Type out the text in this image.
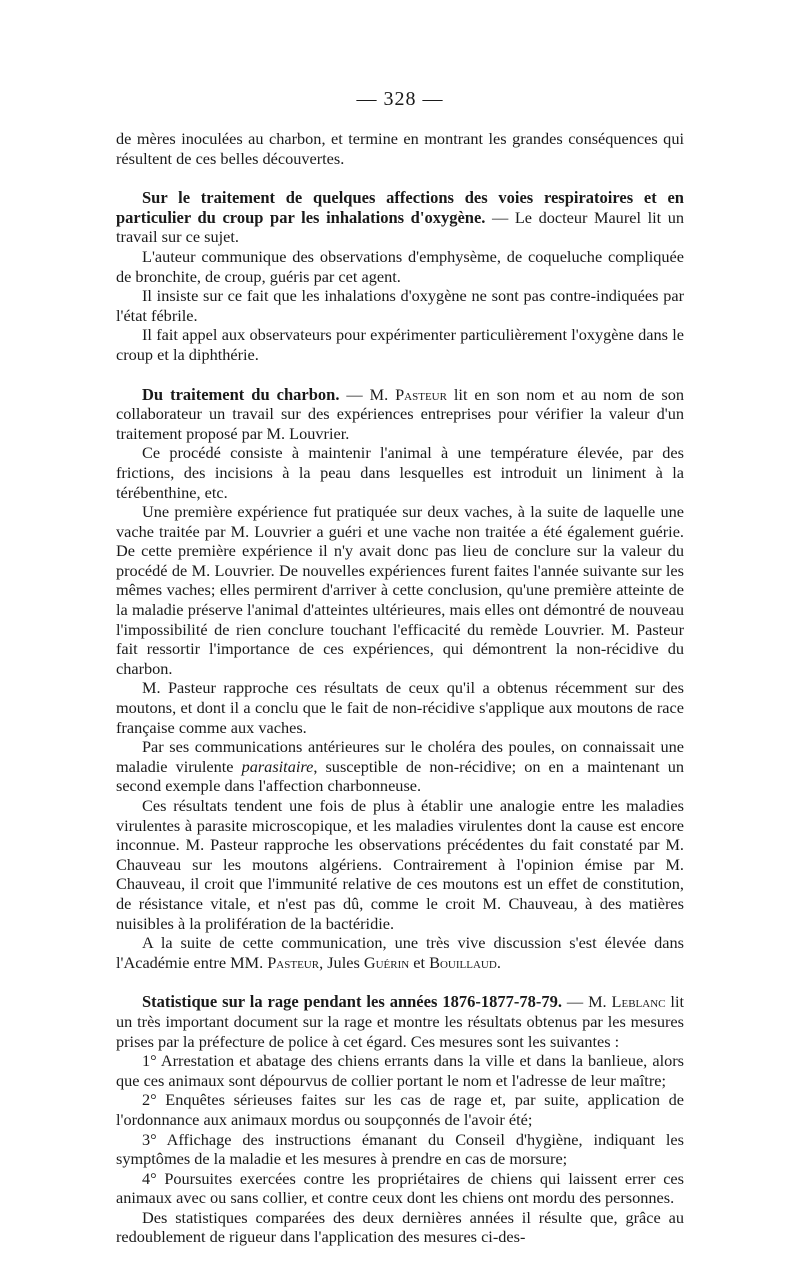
— 328 —

de mères inoculées au charbon, et termine en montrant les grandes conséquences qui résultent de ces belles découvertes.

Sur le traitement de quelques affections des voies respiratoires et en particulier du croup par les inhalations d'oxygène. — Le docteur Maurel lit un travail sur ce sujet.

L'auteur communique des observations d'emphysème, de coqueluche compliquée de bronchite, de croup, guéris par cet agent.

Il insiste sur ce fait que les inhalations d'oxygène ne sont pas contre-indiquées par l'état fébrile.

Il fait appel aux observateurs pour expérimenter particulièrement l'oxygène dans le croup et la diphthérie.

Du traitement du charbon. — M. Pasteur lit en son nom et au nom de son collaborateur un travail sur des expériences entreprises pour vérifier la valeur d'un traitement proposé par M. Louvrier.

Ce procédé consiste à maintenir l'animal à une température élevée, par des frictions, des incisions à la peau dans lesquelles est introduit un liniment à la térébenthine, etc.

Une première expérience fut pratiquée sur deux vaches, à la suite de laquelle une vache traitée par M. Louvrier a guéri et une vache non traitée a été également guérie. De cette première expérience il n'y avait donc pas lieu de conclure sur la valeur du procédé de M. Louvrier. De nouvelles expériences furent faites l'année suivante sur les mêmes vaches; elles permirent d'arriver à cette conclusion, qu'une première atteinte de la maladie préserve l'animal d'atteintes ultérieures, mais elles ont démontré de nouveau l'impossibilité de rien conclure touchant l'efficacité du remède Louvrier. M. Pasteur fait ressortir l'importance de ces expériences, qui démontrent la non-récidive du charbon.

M. Pasteur rapproche ces résultats de ceux qu'il a obtenus récemment sur des moutons, et dont il a conclu que le fait de non-récidive s'applique aux moutons de race française comme aux vaches.

Par ses communications antérieures sur le choléra des poules, on connaissait une maladie virulente parasitaire, susceptible de non-récidive; on en a maintenant un second exemple dans l'affection charbonneuse.

Ces résultats tendent une fois de plus à établir une analogie entre les maladies virulentes à parasite microscopique, et les maladies virulentes dont la cause est encore inconnue. M. Pasteur rapproche les observations précédentes du fait constaté par M. Chauveau sur les moutons algériens. Contrairement à l'opinion émise par M. Chauveau, il croit que l'immunité relative de ces moutons est un effet de constitution, de résistance vitale, et n'est pas dû, comme le croit M. Chauveau, à des matières nuisibles à la prolifération de la bactéridie.

A la suite de cette communication, une très vive discussion s'est élevée dans l'Académie entre MM. Pasteur, Jules Guérin et Bouillaud.

Statistique sur la rage pendant les années 1876-1877-78-79. — M. Leblanc lit un très important document sur la rage et montre les résultats obtenus par les mesures prises par la préfecture de police à cet égard. Ces mesures sont les suivantes :

1° Arrestation et abatage des chiens errants dans la ville et dans la banlieue, alors que ces animaux sont dépourvus de collier portant le nom et l'adresse de leur maître;

2° Enquêtes sérieuses faites sur les cas de rage et, par suite, application de l'ordonnance aux animaux mordus ou soupçonnés de l'avoir été;

3° Affichage des instructions émanant du Conseil d'hygiène, indiquant les symptômes de la maladie et les mesures à prendre en cas de morsure;

4° Poursuites exercées contre les propriétaires de chiens qui laissent errer ces animaux avec ou sans collier, et contre ceux dont les chiens ont mordu des personnes.

Des statistiques comparées des deux dernières années il résulte que, grâce au redoublement de rigueur dans l'application des mesures ci-des-
